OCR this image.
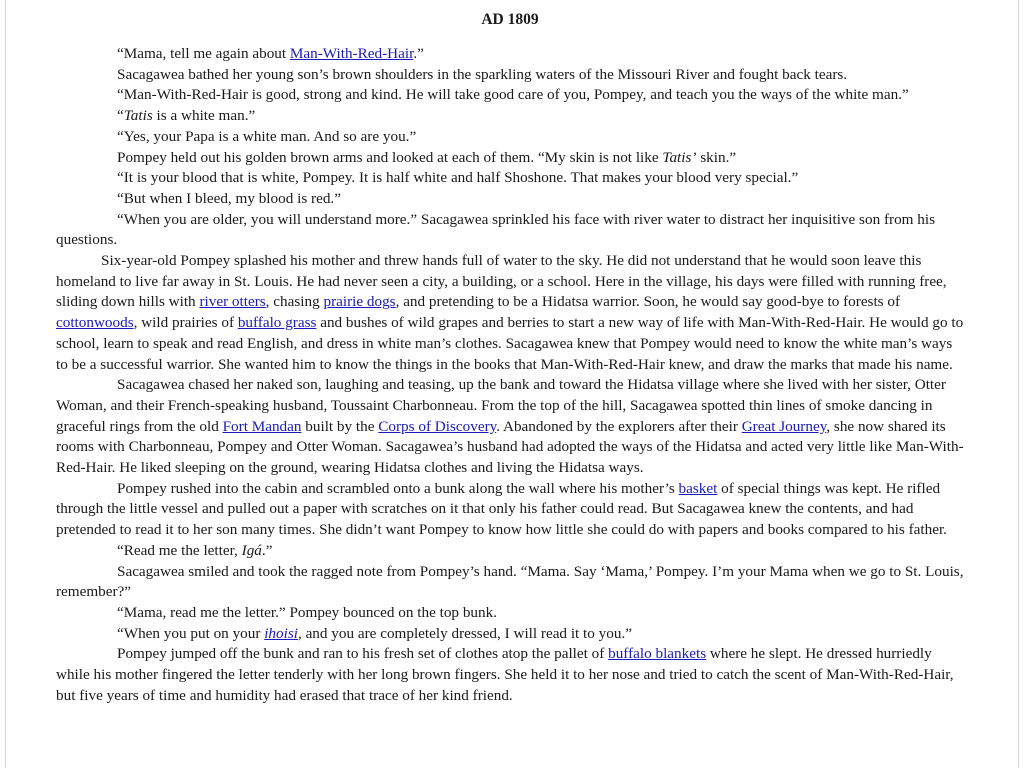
AD 1809

“Mama, tell me again about Man-With-Red-Hair.”

Sacagawea bathed her young son’s brown shoulders in the sparkling waters of the Missouri River and fought back tears.

“Man-With-Red-Hair is good, strong and kind. He will take good care of you, Pompey, and teach you the ways of the white man.”

“Tatis is a white man.”

“Yes, your Papa is a white man. And so are you.”

Pompey held out his golden brown arms and looked at each of them. “My skin is not like Tatis’ skin.”

“It is your blood that is white, Pompey. It is half white and half Shoshone. That makes your blood very special.”

“But when I bleed, my blood is red.”

“When you are older, you will understand more.” Sacagawea sprinkled his face with river water to distract her inquisitive son from his questions.

Six-year-old Pompey splashed his mother and threw hands full of water to the sky. He did not understand that he would soon leave this homeland to live far away in St. Louis. He had never seen a city, a building, or a school. Here in the village, his days were filled with running free, sliding down hills with river otters, chasing prairie dogs, and pretending to be a Hidatsa warrior. Soon, he would say good-bye to forests of cottonwoods, wild prairies of buffalo grass and bushes of wild grapes and berries to start a new way of life with Man-With-Red-Hair. He would go to school, learn to speak and read English, and dress in white man’s clothes. Sacagawea knew that Pompey would need to know the white man’s ways to be a successful warrior. She wanted him to know the things in the books that Man-With-Red-Hair knew, and draw the marks that made his name.

Sacagawea chased her naked son, laughing and teasing, up the bank and toward the Hidatsa village where she lived with her sister, Otter Woman, and their French-speaking husband, Toussaint Charbonneau. From the top of the hill, Sacagawea spotted thin lines of smoke dancing in graceful rings from the old Fort Mandan built by the Corps of Discovery. Abandoned by the explorers after their Great Journey, she now shared its rooms with Charbonneau, Pompey and Otter Woman. Sacagawea’s husband had adopted the ways of the Hidatsa and acted very little like Man-With-Red-Hair. He liked sleeping on the ground, wearing Hidatsa clothes and living the Hidatsa ways.

Pompey rushed into the cabin and scrambled onto a bunk along the wall where his mother’s basket of special things was kept. He rifled through the little vessel and pulled out a paper with scratches on it that only his father could read. But Sacagawea knew the contents, and had pretended to read it to her son many times. She didn’t want Pompey to know how little she could do with papers and books compared to his father.

“Read me the letter, Igá.”

Sacagawea smiled and took the ragged note from Pompey’s hand. “Mama. Say ‘Mama,’ Pompey. I’m your Mama when we go to St. Louis, remember?”

“Mama, read me the letter.” Pompey bounced on the top bunk.

“When you put on your ihoisi, and you are completely dressed, I will read it to you.”

Pompey jumped off the bunk and ran to his fresh set of clothes atop the pallet of buffalo blankets where he slept. He dressed hurriedly while his mother fingered the letter tenderly with her long brown fingers. She held it to her nose and tried to catch the scent of Man-With-Red-Hair, but five years of time and humidity had erased that trace of her kind friend.
